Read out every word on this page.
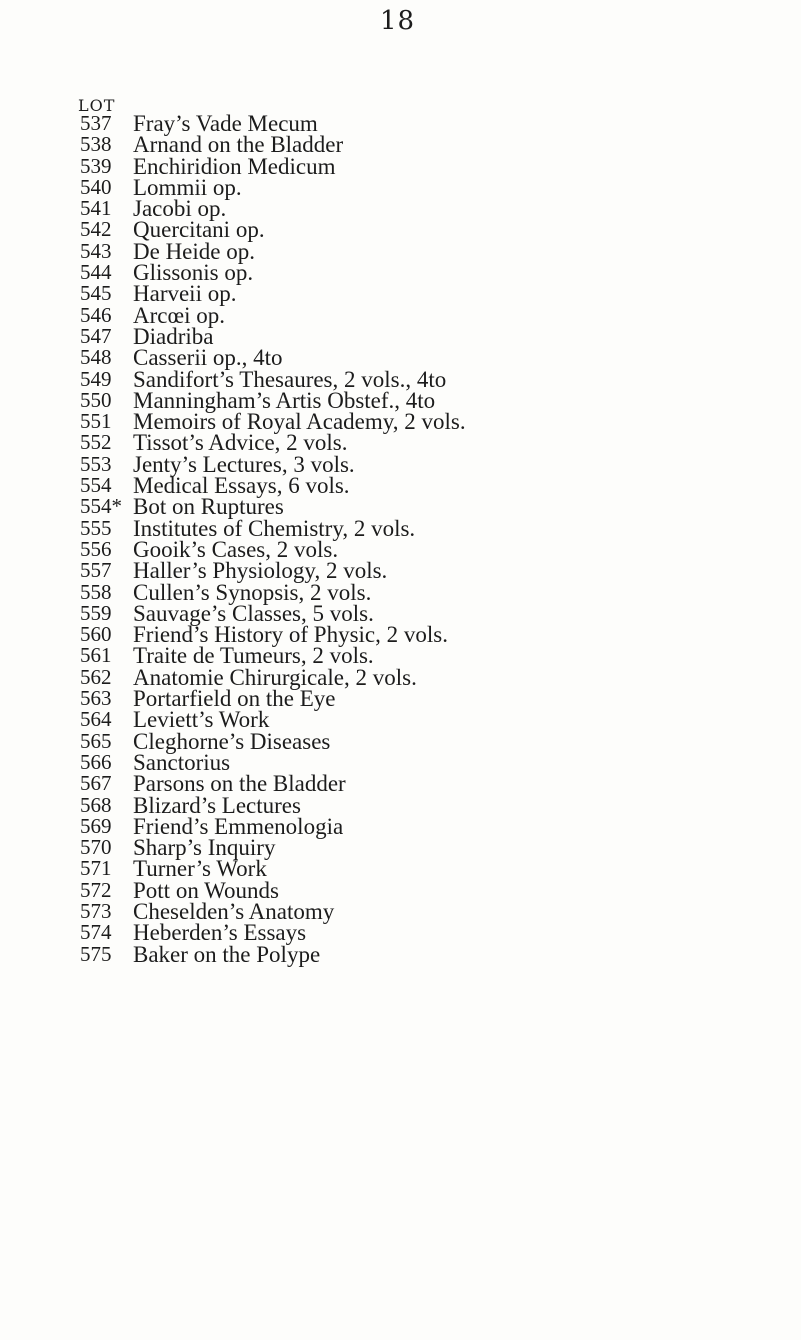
18
LOT
537 Fray’s Vade Mecum
538 Arnand on the Bladder
539 Enchiridion Medicum
540 Lommii op.
541 Jacobi op.
542 Quercitani op.
543 De Heide op.
544 Glissonis op.
545 Harveii op.
546 Arcœi op.
547 Diadriba
548 Casserii op., 4to
549 Sandifort’s Thesaures, 2 vols., 4to
550 Manningham’s Artis Obstef., 4to
551 Memoirs of Royal Academy, 2 vols.
552 Tissot’s Advice, 2 vols.
553 Jenty’s Lectures, 3 vols.
554 Medical Essays, 6 vols.
554* Bot on Ruptures
555 Institutes of Chemistry, 2 vols.
556 Gooik’s Cases, 2 vols.
557 Haller’s Physiology, 2 vols.
558 Cullen’s Synopsis, 2 vols.
559 Sauvage’s Classes, 5 vols.
560 Friend’s History of Physic, 2 vols.
561 Traite de Tumeurs, 2 vols.
562 Anatomie Chirurgicale, 2 vols.
563 Portarfield on the Eye
564 Leviett’s Work
565 Cleghorne’s Diseases
566 Sanctorius
567 Parsons on the Bladder
568 Blizard’s Lectures
569 Friend’s Emmenologia
570 Sharp’s Inquiry
571 Turner’s Work
572 Pott on Wounds
573 Cheselden’s Anatomy
574 Heberden’s Essays
575 Baker on the Polype
